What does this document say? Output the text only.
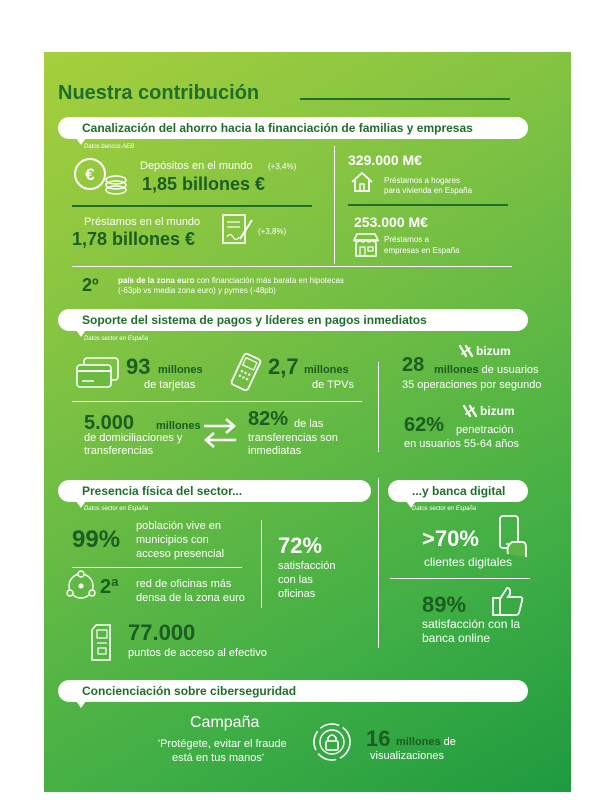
Nuestra contribución
Canalización del ahorro hacia la financiación de familias y empresas
Datos bancos AEB
€	Depósitos en el mundo (+3,4%)
1,85 billones €
Préstamos en el mundo
1,78 billones €	(+3,8%)
329.000 M€
Préstamos a hogares
para vivienda en España
253.000 M€
Préstamos a
empresas en España
2º país de la zona euro con financiación más barata en hipotecas
(-63pb vs media zona euro) y pymes (-48pb)
Soporte del sistema de pagos y líderes en pagos inmediatos
Datos sector en España
93 millones
de tarjetas
2,7 millones
de TPVs
bizum
28 millones de usuarios
35 operaciones por segundo
5.000 millones
de domiciliaciones y
transferencias
82% de las
transferencias son
inmediatas
bizum
62% penetración
en usuarios 55-64 años
Presencia física del sector...
Datos sector en España
99% población vive en
municipios con
acceso presencial 72%
satisfacción
con las
oficinas
2ª red de oficinas más
densa de la zona euro
77.000
puntos de acceso al efectivo
...y banca digital
Datos sector en España
>70%
clientes digitales
89%
satisfacción con la
banca online
Concienciación sobre ciberseguridad
Campaña
'Protégete, evitar el fraude
está en tus manos'
16 millones de
visualizaciones
